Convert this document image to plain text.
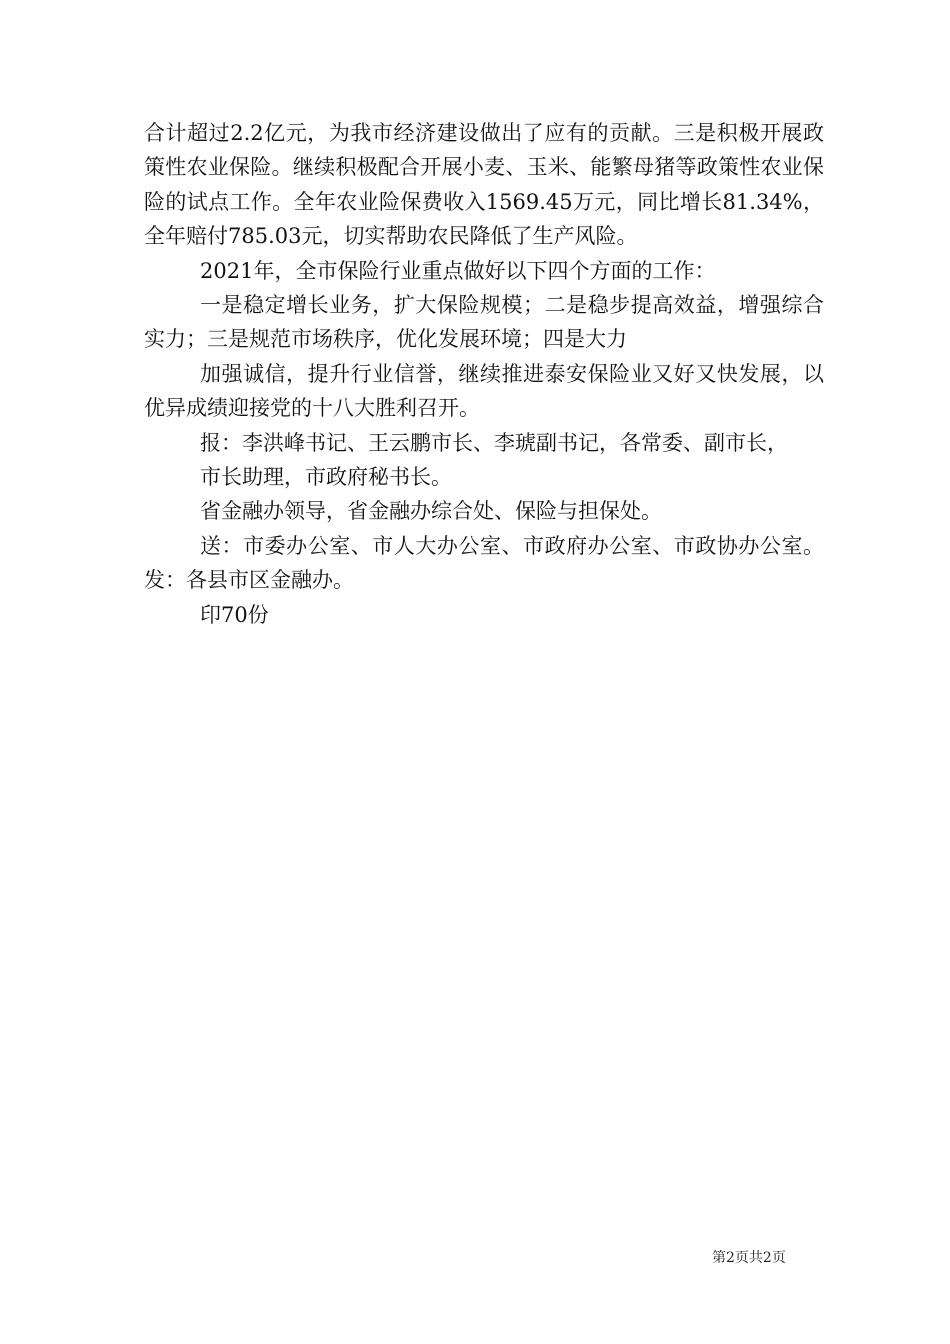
合计超过2.2亿元，为我市经济建设做出了应有的贡献。三是积极开展政策性农业保险。继续积极配合开展小麦、玉米、能繁母猪等政策性农业保险的试点工作。全年农业险保费收入1569.45万元，同比增长81.34%，全年赔付785.03元，切实帮助农民降低了生产风险。

2021年，全市保险行业重点做好以下四个方面的工作：

一是稳定增长业务，扩大保险规模；二是稳步提高效益，增强综合实力；三是规范市场秩序，优化发展环境；四是大力

加强诚信，提升行业信誉，继续推进泰安保险业又好又快发展，以优异成绩迎接党的十八大胜利召开。

报：李洪峰书记、王云鹏市长、李琥副书记，各常委、副市长，

市长助理，市政府秘书长。

省金融办领导，省金融办综合处、保险与担保处。

送：市委办公室、市人大办公室、市政府办公室、市政协办公室。发：各县市区金融办。

印70份

第2页共2页
